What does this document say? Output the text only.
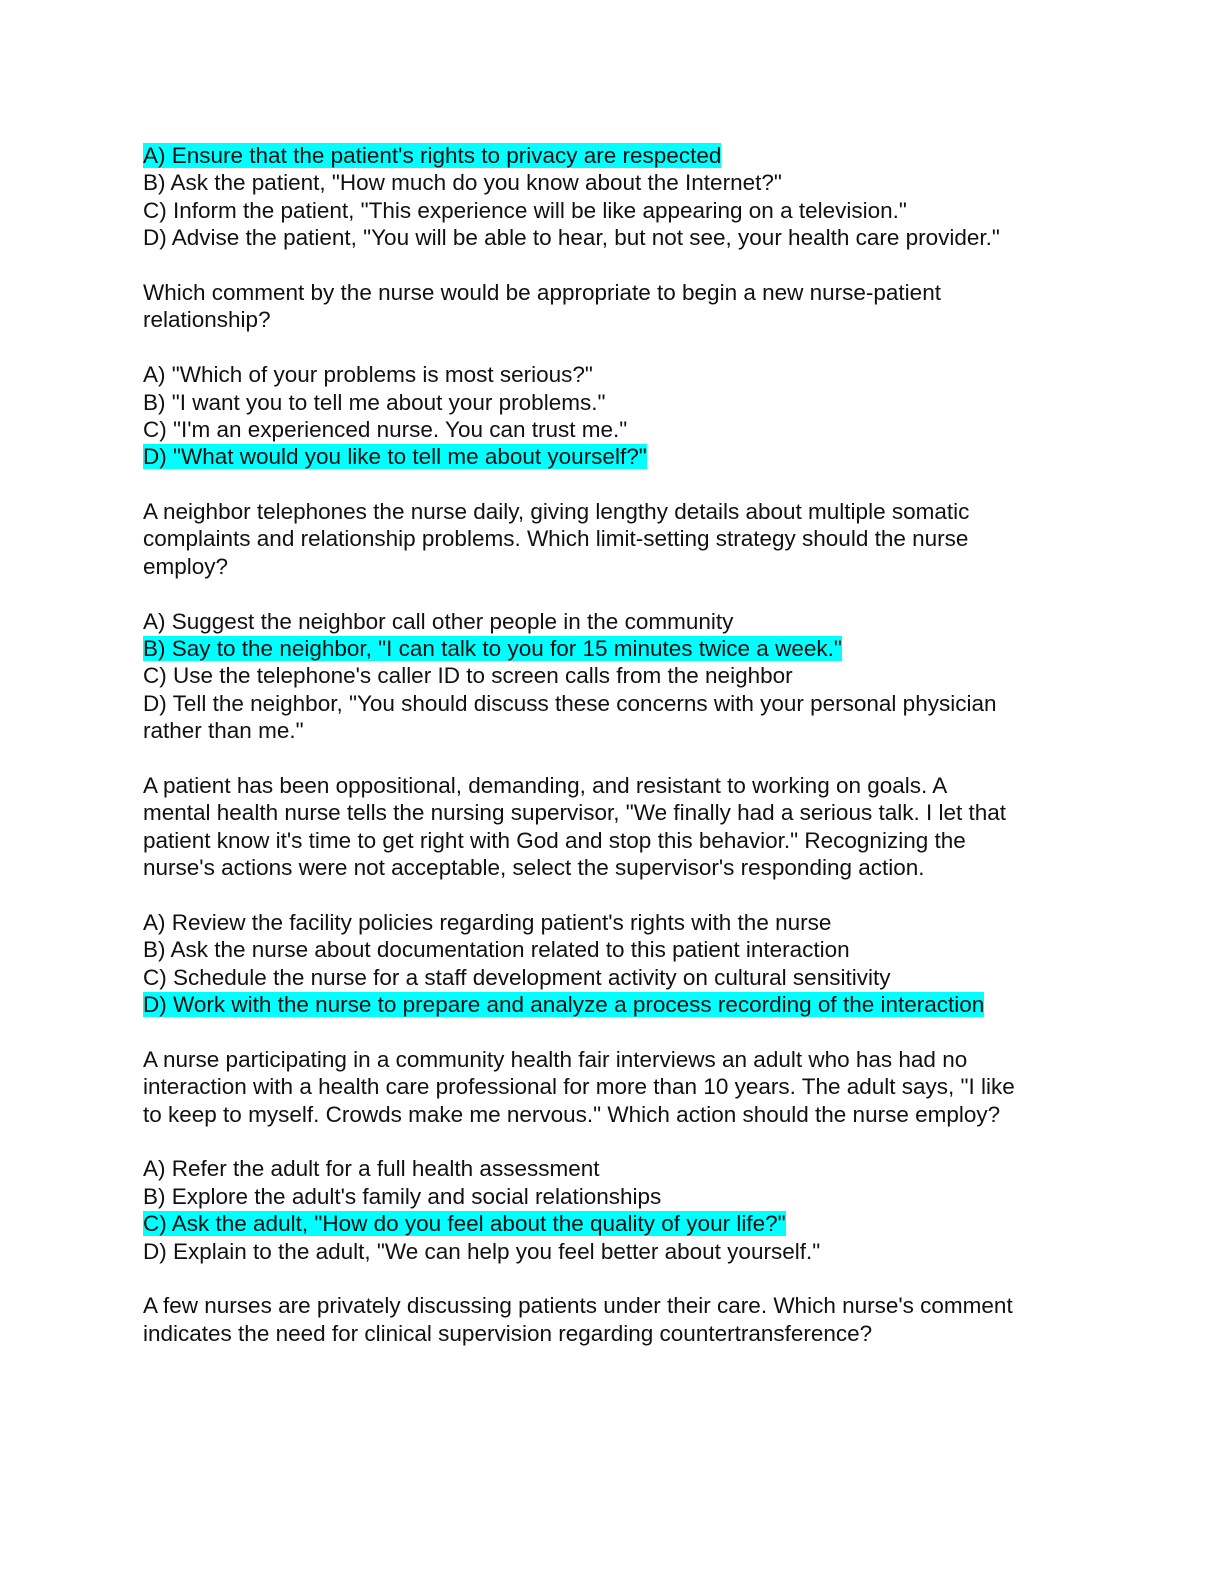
A) Ensure that the patient's rights to privacy are respected
B) Ask the patient, "How much do you know about the Internet?"
C) Inform the patient, "This experience will be like appearing on a television."
D) Advise the patient, "You will be able to hear, but not see, your health care provider."
Which comment by the nurse would be appropriate to begin a new nurse-patient
relationship?
A) "Which of your problems is most serious?"
B) "I want you to tell me about your problems."
C) "I'm an experienced nurse. You can trust me."
D) "What would you like to tell me about yourself?"
A neighbor telephones the nurse daily, giving lengthy details about multiple somatic
complaints and relationship problems. Which limit-setting strategy should the nurse
employ?
A) Suggest the neighbor call other people in the community
B) Say to the neighbor, "I can talk to you for 15 minutes twice a week."
C) Use the telephone's caller ID to screen calls from the neighbor
D) Tell the neighbor, "You should discuss these concerns with your personal physician
rather than me."
A patient has been oppositional, demanding, and resistant to working on goals. A
mental health nurse tells the nursing supervisor, "We finally had a serious talk. I let that
patient know it's time to get right with God and stop this behavior." Recognizing the
nurse's actions were not acceptable, select the supervisor's responding action.
A) Review the facility policies regarding patient's rights with the nurse
B) Ask the nurse about documentation related to this patient interaction
C) Schedule the nurse for a staff development activity on cultural sensitivity
D) Work with the nurse to prepare and analyze a process recording of the interaction
A nurse participating in a community health fair interviews an adult who has had no
interaction with a health care professional for more than 10 years. The adult says, "I like
to keep to myself. Crowds make me nervous." Which action should the nurse employ?
A) Refer the adult for a full health assessment
B) Explore the adult's family and social relationships
C) Ask the adult, "How do you feel about the quality of your life?"
D) Explain to the adult, "We can help you feel better about yourself."
A few nurses are privately discussing patients under their care. Which nurse's comment
indicates the need for clinical supervision regarding countertransference?
